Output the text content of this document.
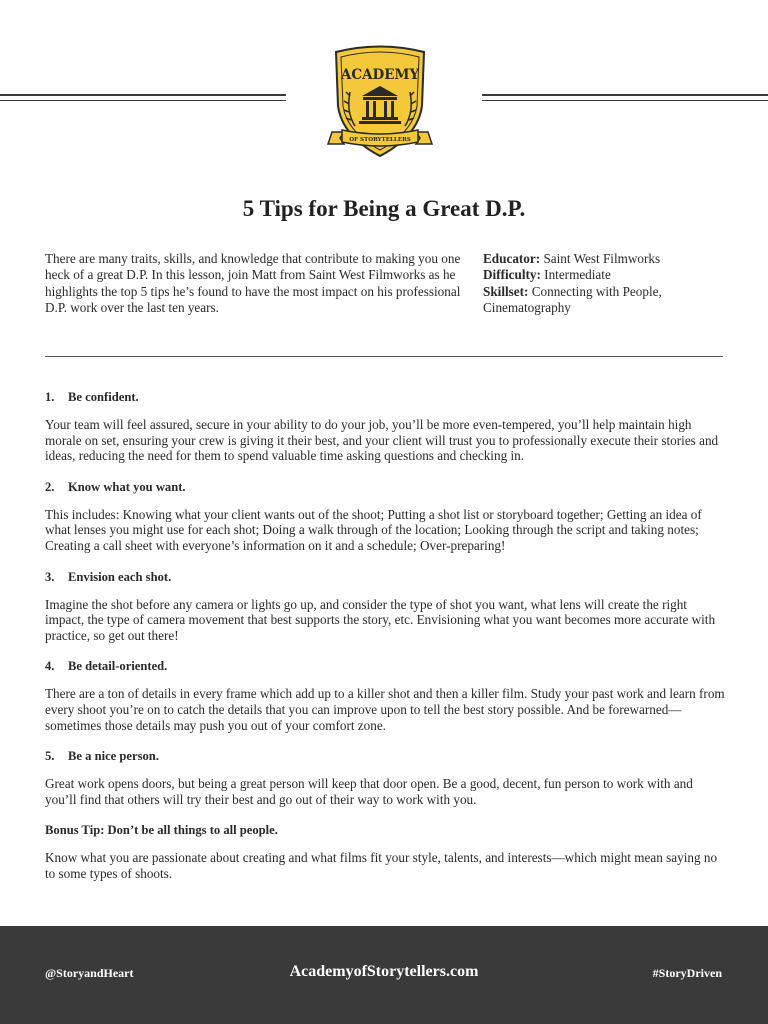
ACADEMY
OF STORYTELLERS
5 Tips for Being a Great D.P.
There are many traits, skills, and knowledge that contribute to making you one heck of a great D.P. In this lesson, join Matt from Saint West Filmworks as he highlights the top 5 tips he’s found to have the most impact on his professional D.P. work over the last ten years.
Educator: Saint West Filmworks
Difficulty: Intermediate
Skillset: Connecting with People, Cinematography
1. Be confident.
Your team will feel assured, secure in your ability to do your job, you’ll be more even-tempered, you’ll help maintain high morale on set, ensuring your crew is giving it their best, and your client will trust you to professionally execute their stories and ideas, reducing the need for them to spend valuable time asking questions and checking in.
2. Know what you want.
This includes: Knowing what your client wants out of the shoot; Putting a shot list or storyboard together; Getting an idea of what lenses you might use for each shot; Doing a walk through of the location; Looking through the script and taking notes; Creating a call sheet with everyone’s information on it and a schedule; Over-preparing!
3. Envision each shot.
Imagine the shot before any camera or lights go up, and consider the type of shot you want, what lens will create the right impact, the type of camera movement that best supports the story, etc. Envisioning what you want becomes more accurate with practice, so get out there!
4. Be detail-oriented.
There are a ton of details in every frame which add up to a killer shot and then a killer film. Study your past work and learn from every shoot you’re on to catch the details that you can improve upon to tell the best story possible. And be forewarned—sometimes those details may push you out of your comfort zone.
5. Be a nice person.
Great work opens doors, but being a great person will keep that door open. Be a good, decent, fun person to work with and you’ll find that others will try their best and go out of their way to work with you.
Bonus Tip: Don’t be all things to all people.
Know what you are passionate about creating and what films fit your style, talents, and interests—which might mean saying no to some types of shoots.
@StoryandHeart	AcademyofStorytellers.com	#StoryDriven
